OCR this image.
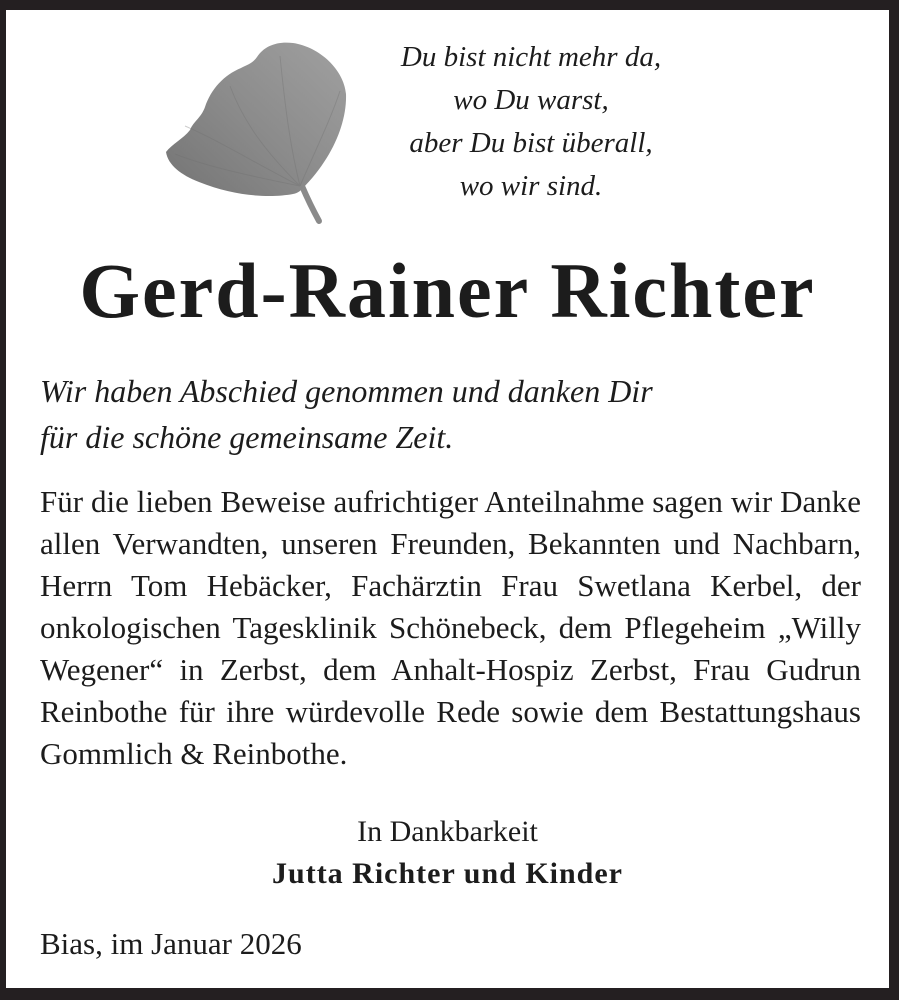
Du bist nicht mehr da,
wo Du warst,
aber Du bist überall,
wo wir sind.
Gerd-Rainer Richter
Wir haben Abschied genommen und danken Dir
für die schöne gemeinsame Zeit.

Für die lieben Beweise aufrichtiger Anteilnahme sagen wir Danke allen Verwandten, unseren Freunden, Bekannten und Nachbarn, Herrn Tom Hebäcker, Fachärztin Frau Swetlana Kerbel, der onkologischen Tagesklinik Schönebeck, dem Pflegeheim „Willy Wegener“ in Zerbst, dem Anhalt-Hospiz Zerbst, Frau Gudrun Reinbothe für ihre würdevolle Rede sowie dem Bestattungshaus Gommlich & Reinbothe.

In Dankbarkeit
Jutta Richter und Kinder
Bias, im Januar 2026
